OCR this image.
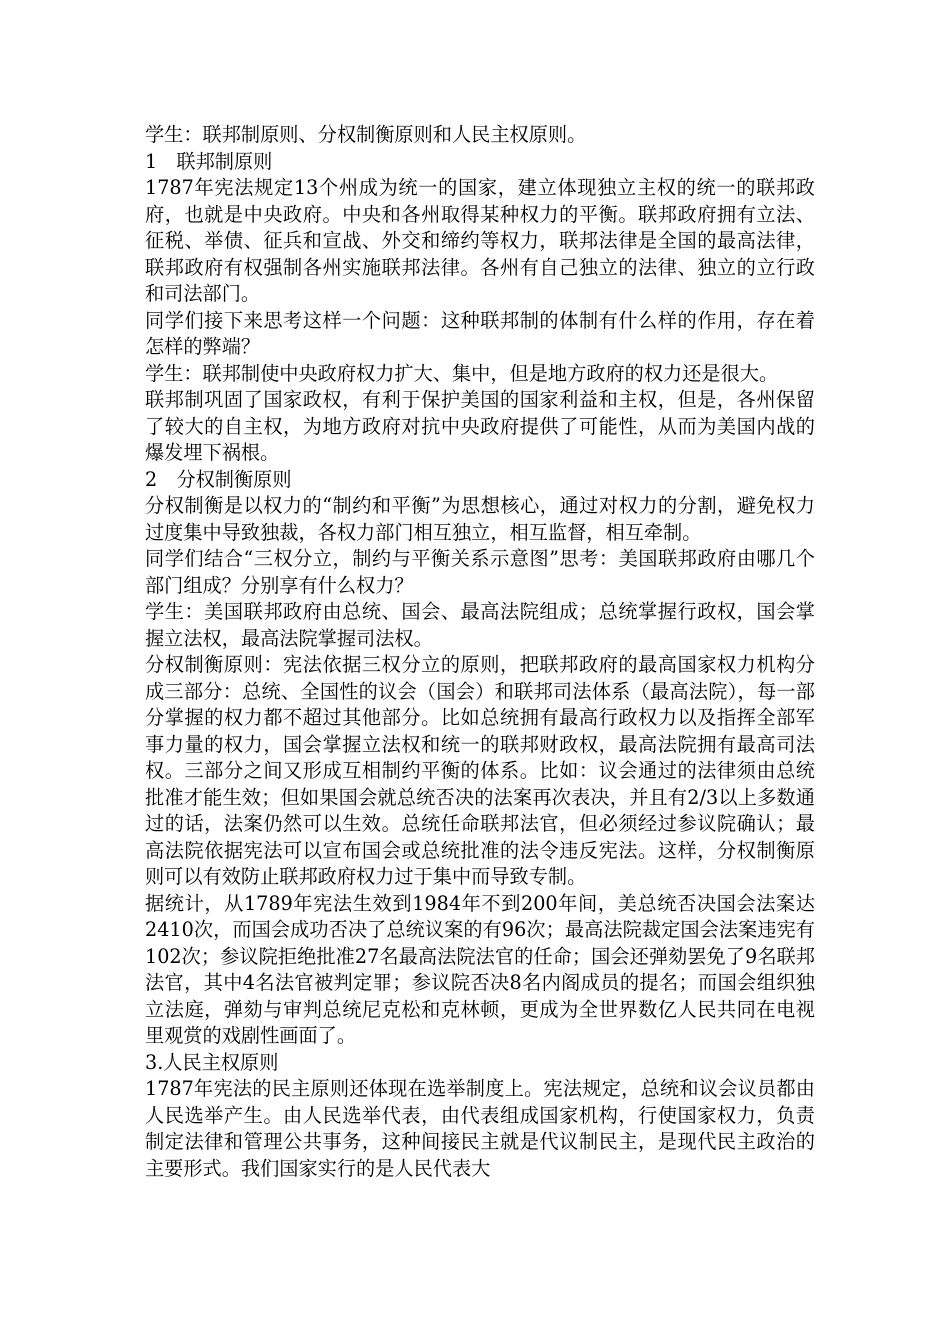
学生：联邦制原则、分权制衡原则和人民主权原则。

1　联邦制原则

1787年宪法规定13个州成为统一的国家，建立体现独立主权的统一的联邦政府，也就是中央政府。中央和各州取得某种权力的平衡。联邦政府拥有立法、征税、举债、征兵和宣战、外交和缔约等权力，联邦法律是全国的最高法律，联邦政府有权强制各州实施联邦法律。各州有自己独立的法律、独立的立行政和司法部门。

同学们接下来思考这样一个问题：这种联邦制的体制有什么样的作用，存在着怎样的弊端？

学生：联邦制使中央政府权力扩大、集中，但是地方政府的权力还是很大。

联邦制巩固了国家政权，有利于保护美国的国家利益和主权，但是，各州保留了较大的自主权，为地方政府对抗中央政府提供了可能性，从而为美国内战的爆发埋下祸根。

2　分权制衡原则

分权制衡是以权力的“制约和平衡”为思想核心，通过对权力的分割，避免权力过度集中导致独裁，各权力部门相互独立，相互监督，相互牵制。

同学们结合“三权分立，制约与平衡关系示意图”思考：美国联邦政府由哪几个部门组成？分别享有什么权力？

学生：美国联邦政府由总统、国会、最高法院组成；总统掌握行政权，国会掌握立法权，最高法院掌握司法权。

分权制衡原则：宪法依据三权分立的原则，把联邦政府的最高国家权力机构分成三部分：总统、全国性的议会（国会）和联邦司法体系（最高法院），每一部分掌握的权力都不超过其他部分。比如总统拥有最高行政权力以及指挥全部军事力量的权力，国会掌握立法权和统一的联邦财政权，最高法院拥有最高司法权。三部分之间又形成互相制约平衡的体系。比如：议会通过的法律须由总统批准才能生效；但如果国会就总统否决的法案再次表决，并且有2/3以上多数通过的话，法案仍然可以生效。总统任命联邦法官，但必须经过参议院确认；最高法院依据宪法可以宣布国会或总统批准的法令违反宪法。这样，分权制衡原则可以有效防止联邦政府权力过于集中而导致专制。

据统计，从1789年宪法生效到1984年不到200年间，美总统否决国会法案达2410次，而国会成功否决了总统议案的有96次；最高法院裁定国会法案违宪有102次；参议院拒绝批准27名最高法院法官的任命；国会还弹劾罢免了9名联邦法官，其中4名法官被判定罪；参议院否决8名内阁成员的提名；而国会组织独立法庭，弹劾与审判总统尼克松和克林顿，更成为全世界数亿人民共同在电视里观赏的戏剧性画面了。

3.人民主权原则

1787年宪法的民主原则还体现在选举制度上。宪法规定，总统和议会议员都由人民选举产生。由人民选举代表，由代表组成国家机构，行使国家权力，负责制定法律和管理公共事务，这种间接民主就是代议制民主，是现代民主政治的主要形式。我们国家实行的是人民代表大
